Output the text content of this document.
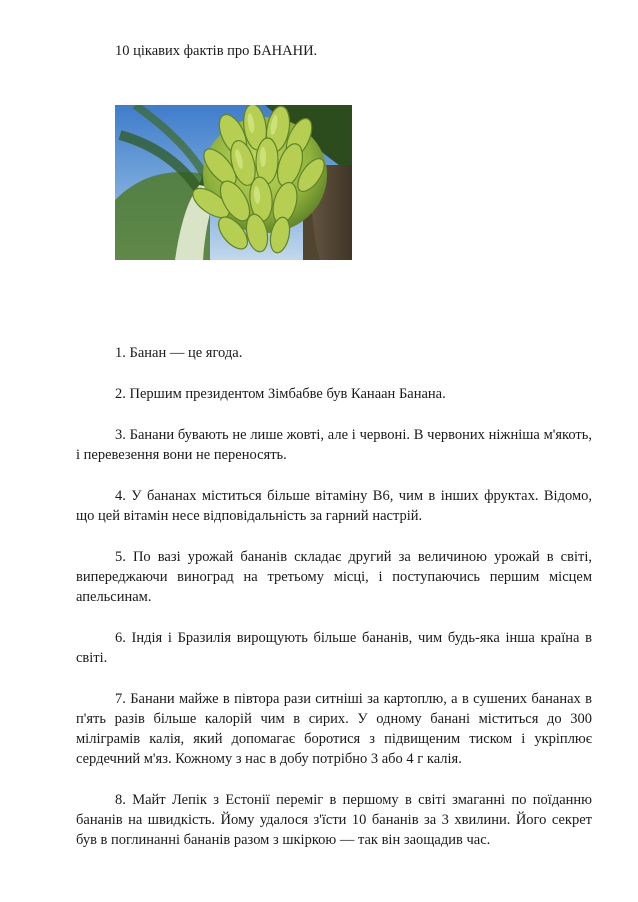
10 цікавих фактів про БАНАНИ.

1. Банан — це ягода.

2. Першим президентом Зімбабве був Канаан Банана.

3. Банани бувають не лише жовті, але і червоні. В червоних ніжніша м'якоть, і перевезення вони не переносять.

4. У бананах міститься більше вітаміну B6, чим в інших фруктах. Відомо, що цей вітамін несе відповідальність за гарний настрій.

5. По вазі урожай бананів складає другий за величиною урожай в світі, випереджаючи виноград на третьому місці, і поступаючись першим місцем апельсинам.

6. Індія і Бразилія вирощують більше бананів, чим будь-яка інша країна в світі.

7. Банани майже в півтора рази ситніші за картоплю, а в сушених бананах в п'ять разів більше калорій чим в сирих. У одному банані міститься до 300 міліграмів калія, який допомагає боротися з підвищеним тиском і укріплює сердечний м'яз. Кожному з нас в добу потрібно 3 або 4 г калія.

8. Майт Лепік з Естонії переміг в першому в світі змаганні по поїданню бананів на швидкість. Йому удалося з'їсти 10 бананів за 3 хвилини. Його секрет був в поглинанні бананів разом з шкіркою — так він заощадив час.
